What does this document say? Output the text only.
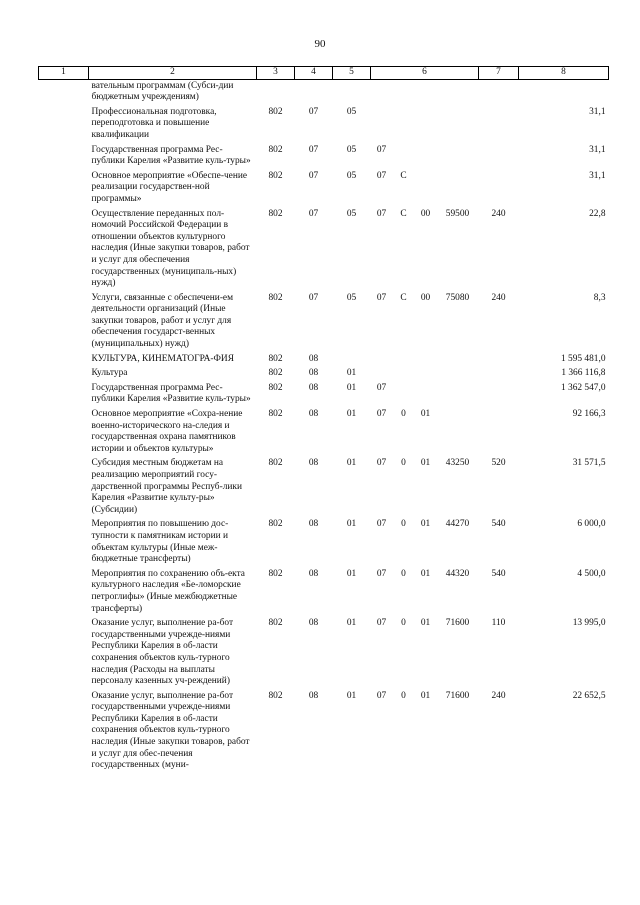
90
1	2	3	4	5	6				7	8
	вательным программам (Субси-дии бюджетным учреждениям)									
	Профессиональная подготовка, переподготовка и повышение квалификации	802	07	05						31,1
	Государственная программа Рес-публики Карелия «Развитие куль-туры»	802	07	05	07					31,1
	Основное мероприятие «Обеспе-чение реализации государствен-ной программы»	802	07	05	07	С				31,1
	Осуществление переданных пол-номочий Российской Федерации в отношении объектов культурного наследия (Иные закупки товаров, работ и услуг для обеспечения государственных (муниципаль-ных) нужд)	802	07	05	07	С	00	59500	240	22,8
	Услуги, связанные с обеспечени-ем деятельности организаций (Иные закупки товаров, работ и услуг для обеспечения государст-венных (муниципальных) нужд)	802	07	05	07	С	00	75080	240	8,3
	КУЛЬТУРА, КИНЕМАТОГРА-ФИЯ	802	08							1 595 481,0
	Культура	802	08	01						1 366 116,8
	Государственная программа Рес-публики Карелия «Развитие куль-туры»	802	08	01	07					1 362 547,0
	Основное мероприятие «Сохра-нение военно-исторического на-следия и государственная охрана памятников истории и объектов культуры»	802	08	01	07	0	01			92 166,3
	Субсидия местным бюджетам на реализацию мероприятий госу-дарственной программы Респуб-лики Карелия «Развитие культу-ры» (Субсидии)	802	08	01	07	0	01	43250	520	31 571,5
	Мероприятия по повышению дос-тупности к памятникам истории и объектам культуры (Иные меж-бюджетные трансферты)	802	08	01	07	0	01	44270	540	6 000,0
	Мероприятия по сохранению объ-екта культурного наследия «Бе-ломорские петроглифы» (Иные межбюджетные трансферты)	802	08	01	07	0	01	44320	540	4 500,0
	Оказание услуг, выполнение ра-бот государственными учрежде-ниями Республики Карелия в об-ласти сохранения объектов куль-турного наследия (Расходы на выплаты персоналу казенных уч-реждений)	802	08	01	07	0	01	71600	110	13 995,0
	Оказание услуг, выполнение ра-бот государственными учрежде-ниями Республики Карелия в об-ласти сохранения объектов куль-турного наследия (Иные закупки товаров, работ и услуг для обес-печения государственных (муни-	802	08	01	07	0	01	71600	240	22 652,5
